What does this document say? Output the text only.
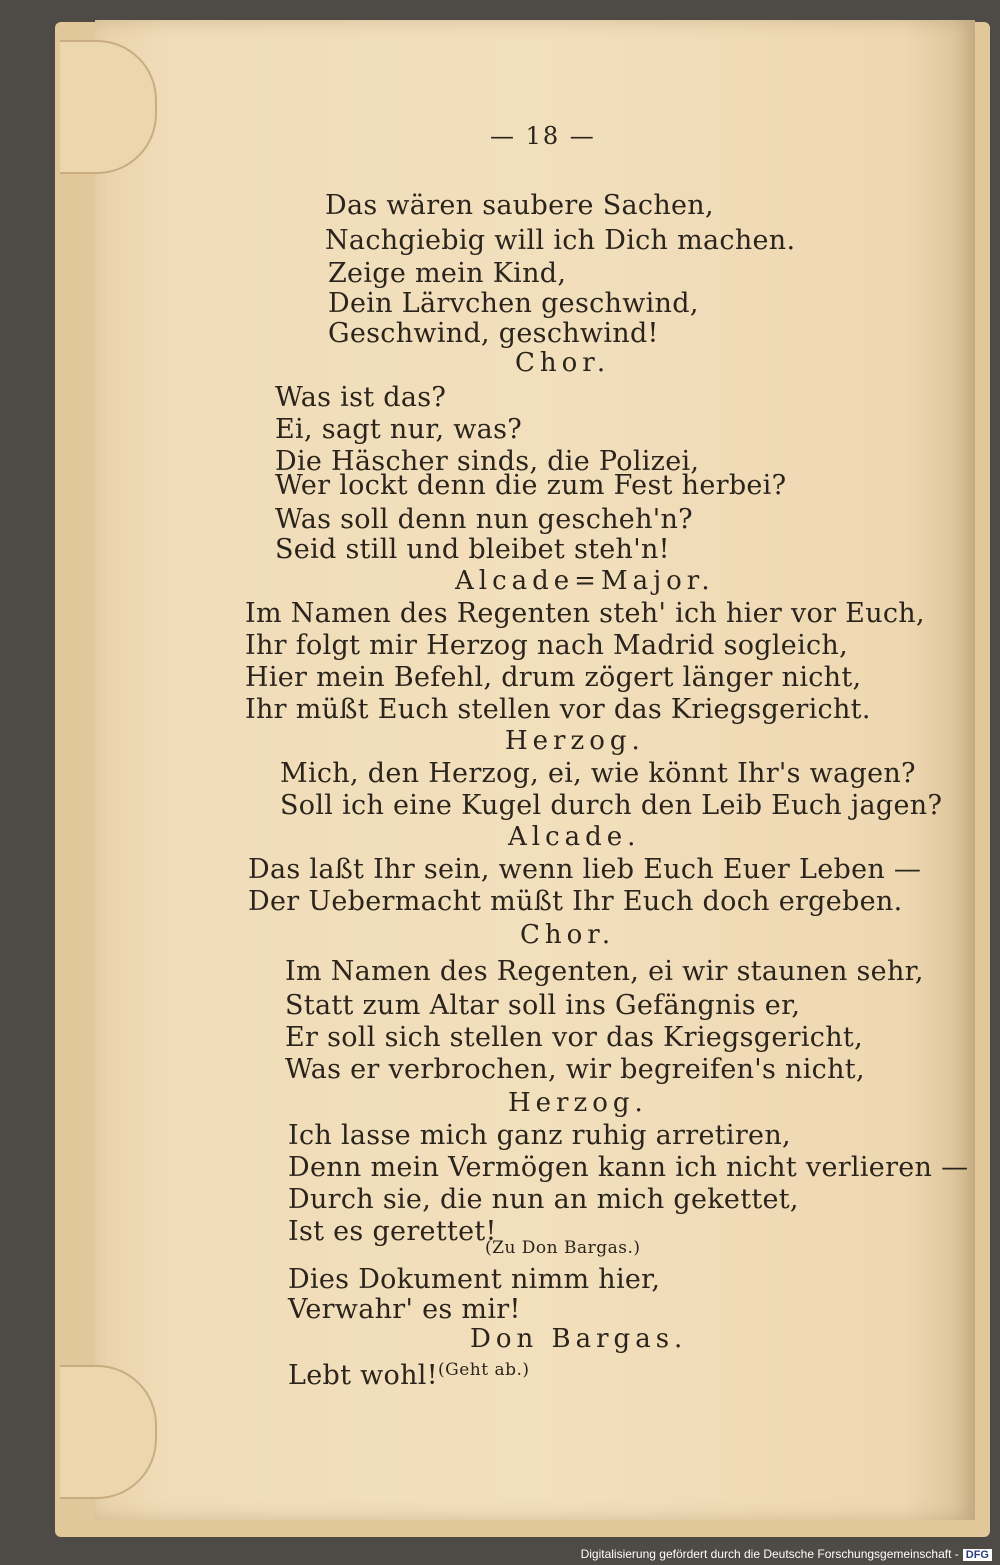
— 18 —
Das wären saubere Sachen,
Nachgiebig will ich Dich machen.
Zeige mein Kind,
Dein Lärvchen geschwind,
Geschwind, geschwind!
Chor.
Was ist das?
Ei, sagt nur, was?
Die Häscher sinds, die Polizei,
Wer lockt denn die zum Fest herbei?
Was soll denn nun gescheh'n?
Seid still und bleibet steh'n!
Alcade=Major.
Im Namen des Regenten steh' ich hier vor Euch,
Ihr folgt mir Herzog nach Madrid sogleich,
Hier mein Befehl, drum zögert länger nicht,
Ihr müßt Euch stellen vor das Kriegsgericht.
Herzog.
Mich, den Herzog, ei, wie könnt Ihr's wagen?
Soll ich eine Kugel durch den Leib Euch jagen?
Alcade.
Das laßt Ihr sein, wenn lieb Euch Euer Leben —
Der Uebermacht müßt Ihr Euch doch ergeben.
Chor.
Im Namen des Regenten, ei wir staunen sehr,
Statt zum Altar soll ins Gefängnis er,
Er soll sich stellen vor das Kriegsgericht,
Was er verbrochen, wir begreifen's nicht,
Herzog.
Ich lasse mich ganz ruhig arretiren,
Denn mein Vermögen kann ich nicht verlieren —
Durch sie, die nun an mich gekettet,
Ist es gerettet!
(Zu Don Bargas.)
Dies Dokument nimm hier,
Verwahr' es mir!
Don Bargas.
Lebt wohl! (Geht ab.)
Digitalisierung gefördert durch die Deutsche Forschungsgemeinschaft - DFG
